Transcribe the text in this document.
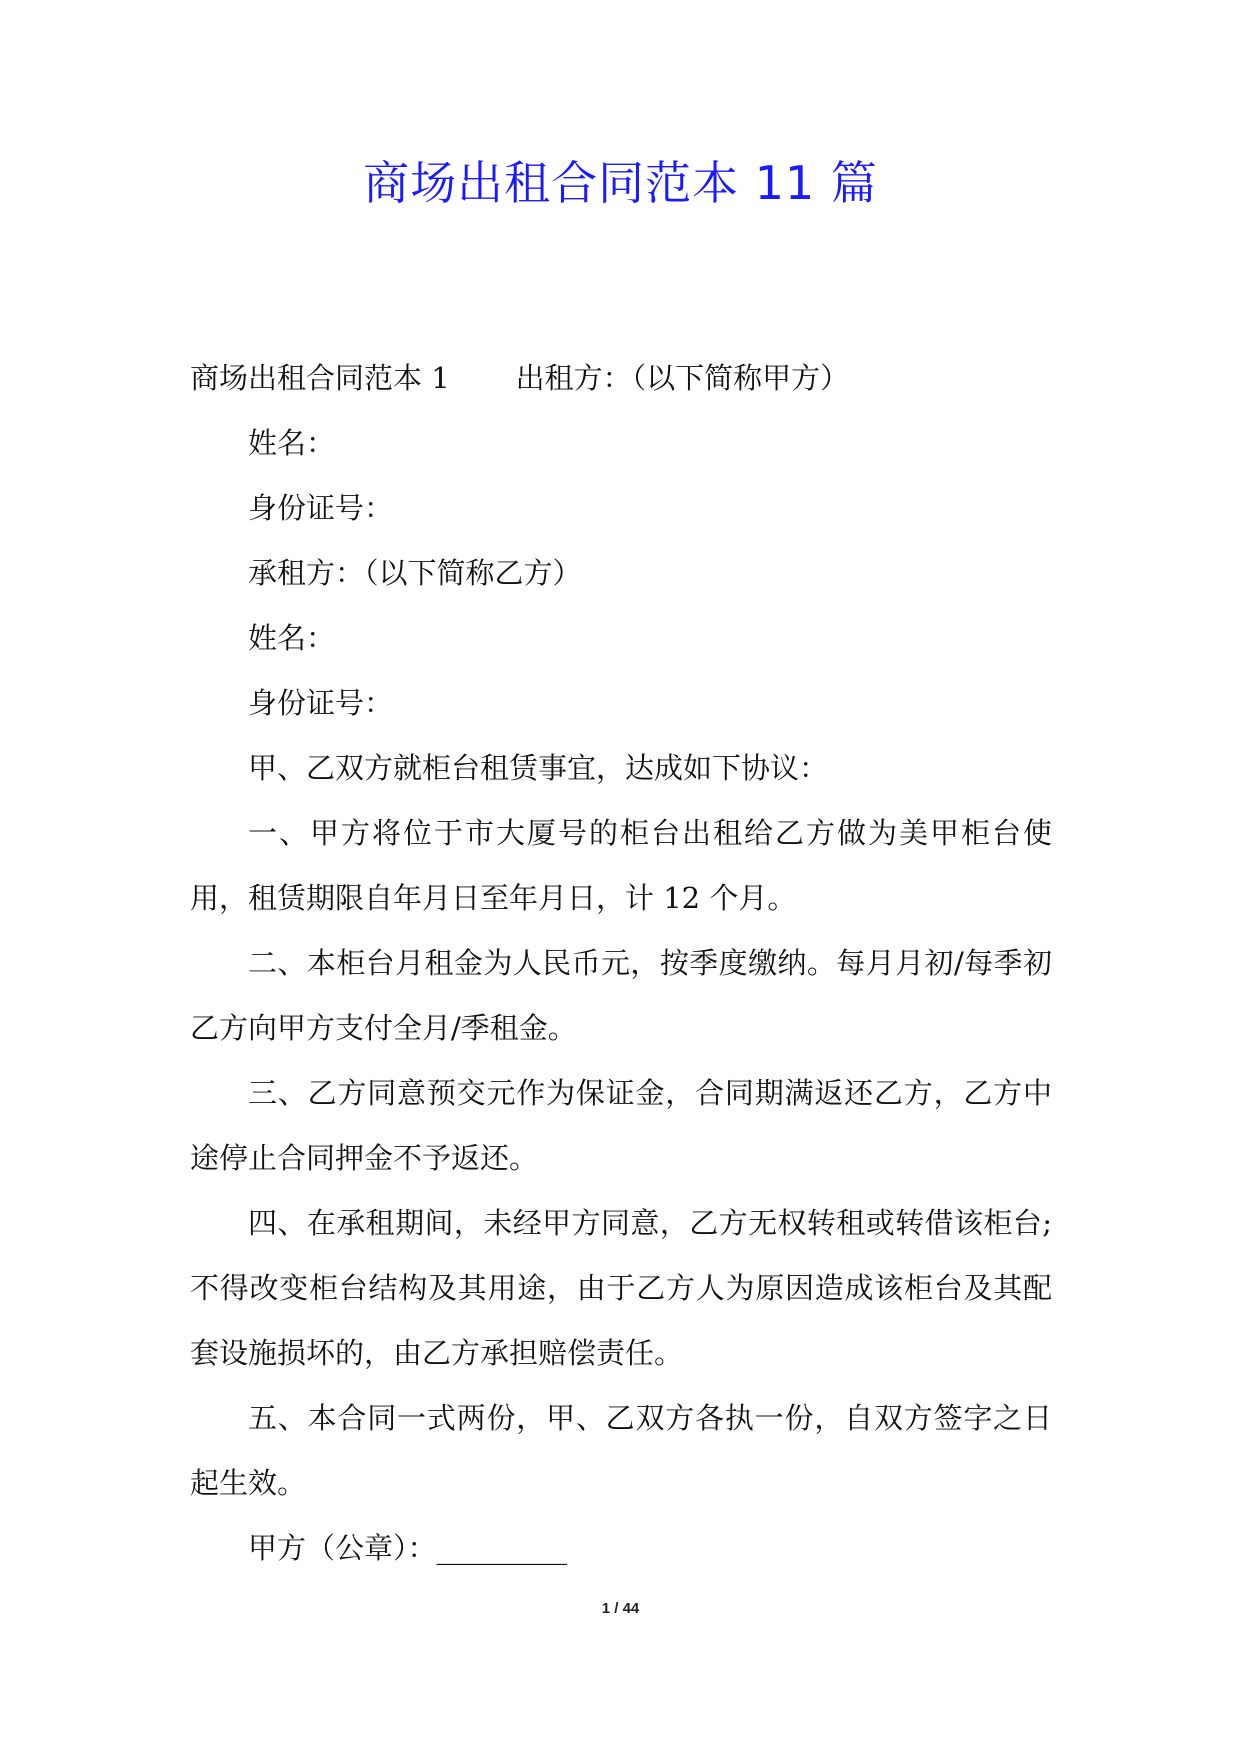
商场出租合同范本 11 篇

商场出租合同范本 1 出租方：（以下简称甲方）

姓名：

身份证号：

承租方：（以下简称乙方）

姓名：

身份证号：

甲、乙双方就柜台租赁事宜，达成如下协议：

一、甲方将位于市大厦号的柜台出租给乙方做为美甲柜台使用，租赁期限自年月日至年月日，计 12 个月。

二、本柜台月租金为人民币元，按季度缴纳。每月月初/每季初乙方向甲方支付全月/季租金。

三、乙方同意预交元作为保证金，合同期满返还乙方，乙方中途停止合同押金不予返还。

四、在承租期间，未经甲方同意，乙方无权转租或转借该柜台; 不得改变柜台结构及其用途，由于乙方人为原因造成该柜台及其配套设施损坏的，由乙方承担赔偿责任。

五、本合同一式两份，甲、乙双方各执一份，自双方签字之日起生效。

甲方（公章）：_________

1 / 44
